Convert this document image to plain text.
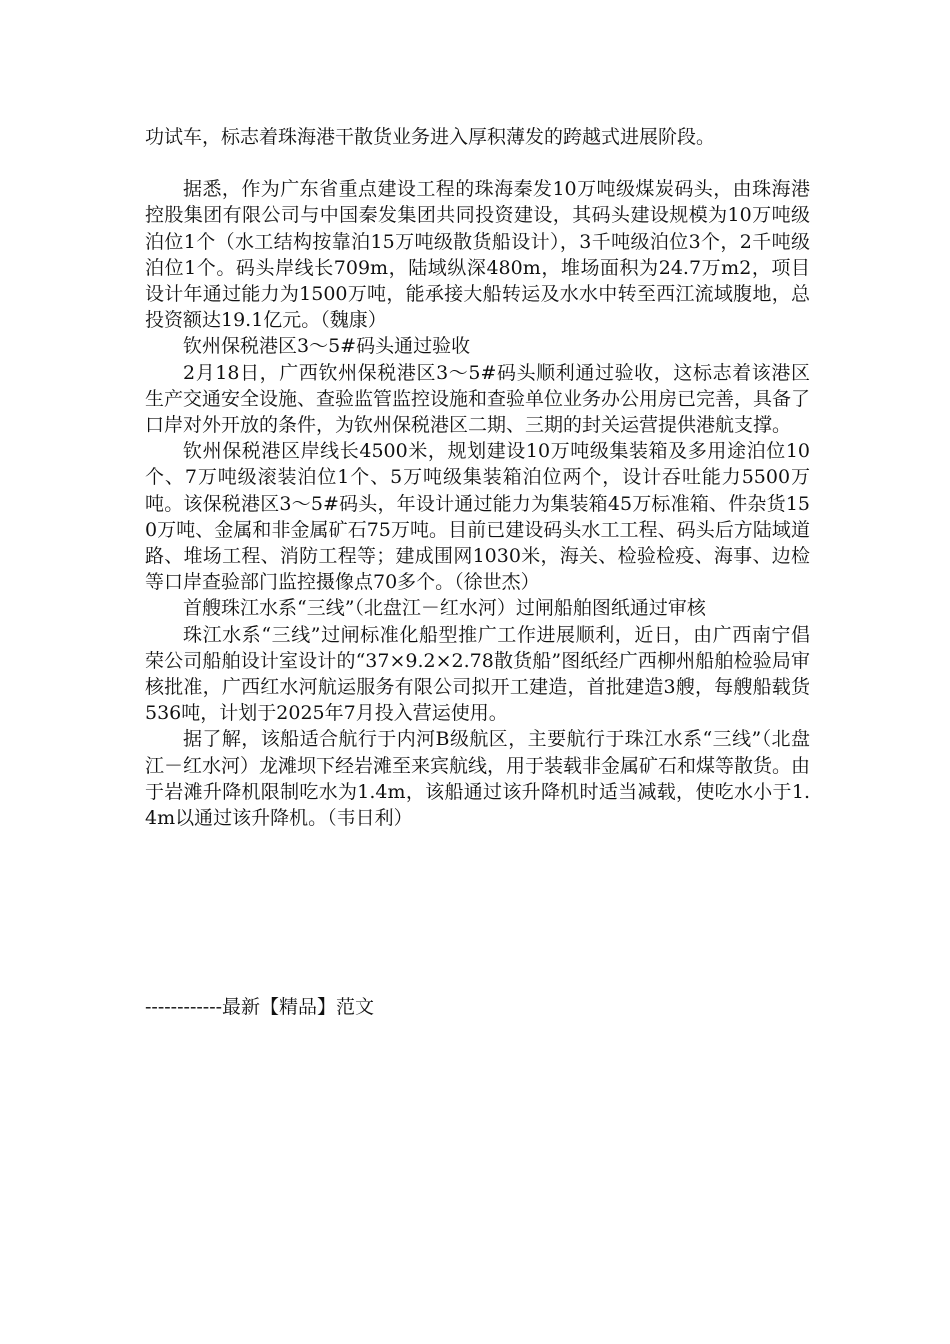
功试车，标志着珠海港干散货业务进入厚积薄发的跨越式进展阶段。

据悉，作为广东省重点建设工程的珠海秦发10万吨级煤炭码头，由珠海港控股集团有限公司与中国秦发集团共同投资建设，其码头建设规模为10万吨级泊位1个（水工结构按靠泊15万吨级散货船设计），3千吨级泊位3个，2千吨级泊位1个。码头岸线长709m，陆域纵深480m，堆场面积为24.7万m2，项目设计年通过能力为1500万吨，能承接大船转运及水水中转至西江流域腹地，总投资额达19.1亿元。（魏康）

钦州保税港区3～5#码头通过验收

2月18日，广西钦州保税港区3～5#码头顺利通过验收，这标志着该港区生产交通安全设施、查验监管监控设施和查验单位业务办公用房已完善，具备了口岸对外开放的条件，为钦州保税港区二期、三期的封关运营提供港航支撑。

钦州保税港区岸线长4500米，规划建设10万吨级集装箱及多用途泊位10个、7万吨级滚装泊位1个、5万吨级集装箱泊位两个，设计吞吐能力5500万吨。该保税港区3～5#码头，年设计通过能力为集装箱45万标准箱、件杂货150万吨、金属和非金属矿石75万吨。目前已建设码头水工工程、码头后方陆域道路、堆场工程、消防工程等；建成围网1030米，海关、检验检疫、海事、边检等口岸查验部门监控摄像点70多个。（徐世杰）

首艘珠江水系“三线”（北盘江－红水河）过闸船舶图纸通过审核

珠江水系“三线”过闸标准化船型推广工作进展顺利，近日，由广西南宁倡荣公司船舶设计室设计的“37×9.2×2.78散货船”图纸经广西柳州船舶检验局审核批准，广西红水河航运服务有限公司拟开工建造，首批建造3艘，每艘船载货536吨，计划于2025年7月投入营运使用。

据了解，该船适合航行于内河B级航区，主要航行于珠江水系“三线”（北盘江－红水河）龙滩坝下经岩滩至来宾航线，用于装载非金属矿石和煤等散货。由于岩滩升降机限制吃水为1.4m，该船通过该升降机时适当减载，使吃水小于1.4m以通过该升降机。（韦日利）

------------最新【精品】范文
